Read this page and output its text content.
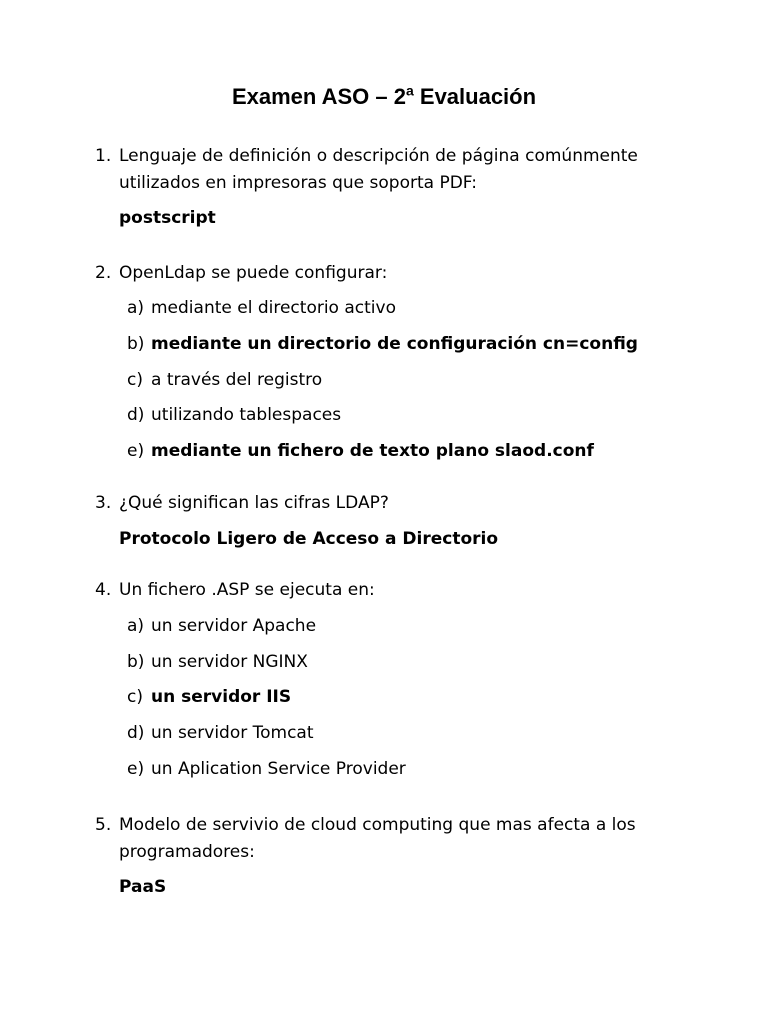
Examen ASO – 2$^a$ Evaluación
1. Lenguaje de definición o descripción de página comúnmente utilizados en impresoras que soporta PDF:
postscript
2. OpenLdap se puede configurar:
a) mediante el directorio activo
b) mediante un directorio de configuración cn=config
c) a través del registro
d) utilizando tablespaces
e) mediante un fichero de texto plano slaod.conf
3. ¿Qué significan las cifras LDAP?
Protocolo Ligero de Acceso a Directorio
4. Un fichero .ASP se ejecuta en:
a) un servidor Apache
b) un servidor NGINX
c) un servidor IIS
d) un servidor Tomcat
e) un Aplication Service Provider
5. Modelo de servivio de cloud computing que mas afecta a los programadores:
PaaS
